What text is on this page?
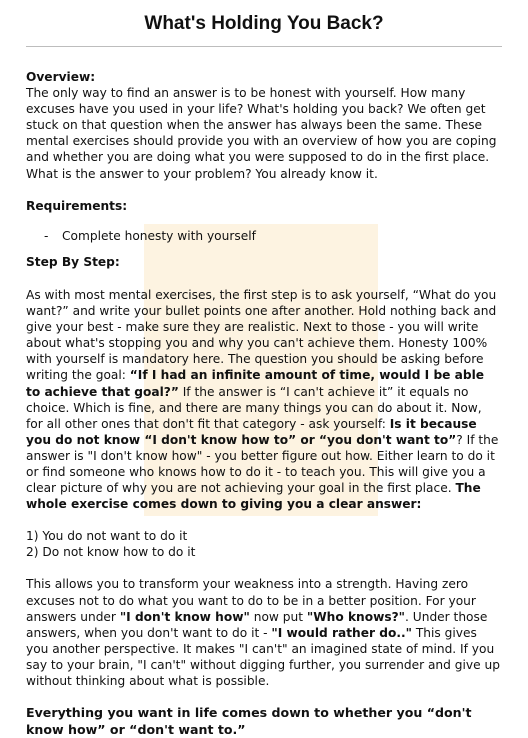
What's Holding You Back?
Overview:

The only way to find an answer is to be honest with yourself. How many excuses have you used in your life? What's holding you back? We often get stuck on that question when the answer has always been the same. These mental exercises should provide you with an overview of how you are coping and whether you are doing what you were supposed to do in the first place. What is the answer to your problem? You already know it.

Requirements:
-	Complete honesty with yourself
Step By Step:

As with most mental exercises, the first step is to ask yourself, “What do you want?” and write your bullet points one after another. Hold nothing back and give your best - make sure they are realistic. Next to those - you will write about what's stopping you and why you can't achieve them. Honesty 100% with yourself is mandatory here. The question you should be asking before writing the goal: “If I had an infinite amount of time, would I be able to achieve that goal?” If the answer is “I can't achieve it” it equals no choice. Which is fine, and there are many things you can do about it. Now, for all other ones that don't fit that category - ask yourself: Is it because you do not know “I don't know how to” or “you don't want to”? If the answer is "I don't know how" - you better figure out how. Either learn to do it or find someone who knows how to do it - to teach you. This will give you a clear picture of why you are not achieving your goal in the first place. The whole exercise comes down to giving you a clear answer:

1) You do not want to do it
2) Do not know how to do it

This allows you to transform your weakness into a strength. Having zero excuses not to do what you want to do to be in a better position. For your answers under "I don't know how" now put "Who knows?". Under those answers, when you don't want to do it - "I would rather do.." This gives you another perspective. It makes "I can't" an imagined state of mind. If you say to your brain, "I can't" without digging further, you surrender and give up without thinking about what is possible.

Everything you want in life comes down to whether you “don't know how” or “don't want to.”
